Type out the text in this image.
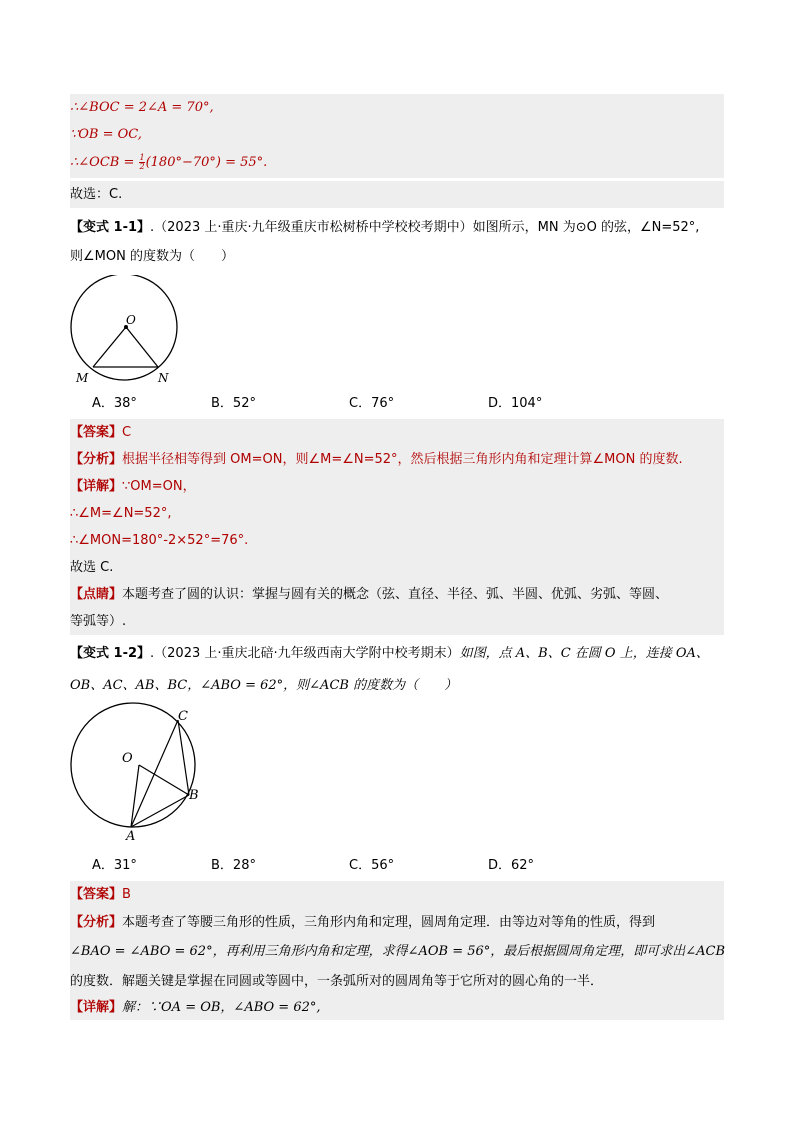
∴∠BOC = 2∠A = 70°,
∵OB = OC,
∴∠OCB = $\frac{1}{2} (180^\circ-70^\circ) = 55^\circ$.
故选：C.
【变式 1-1】.（2023 上·重庆·九年级重庆市松树桥中学校校考期中）如图所示，MN 为⊙O 的弦，∠N=52°,
则∠MON 的度数为（　　）
O
M	N
A．38°	B．52°	C．76°	D．104°
【答案】C
【分析】根据半径相等得到 OM=ON，则∠M=∠N=52°，然后根据三角形内角和定理计算∠MON 的度数.
【详解】∵OM=ON，
∴∠M=∠N=52°,
∴∠MON=180°-2×52°=76°.
故选 C.
【点睛】本题考查了圆的认识：掌握与圆有关的概念（弦、直径、半径、弧、半圆、优弧、劣弧、等圆、
等弧等）.
【变式 1-2】.（2023 上·重庆北碚·九年级西南大学附中校考期末）如图，点 A、B、C 在圆 O 上，连接 OA、
OB、AC、AB、BC，∠ABO = 62°，则∠ACB 的度数为（　　）
O
A
B
C
A．31°	B．28°	C．56°	D．62°
【答案】B
【分析】本题考查了等腰三角形的性质，三角形内角和定理，圆周角定理．由等边对等角的性质，得到
∠BAO = ∠ABO = 62°，再利用三角形内角和定理，求得∠AOB = 56°，最后根据圆周角定理，即可求出∠ACB
的度数．解题关键是掌握在同圆或等圆中，一条弧所对的圆周角等于它所对的圆心角的一半．
【详解】解：∵OA = OB，∠ABO = 62°,
